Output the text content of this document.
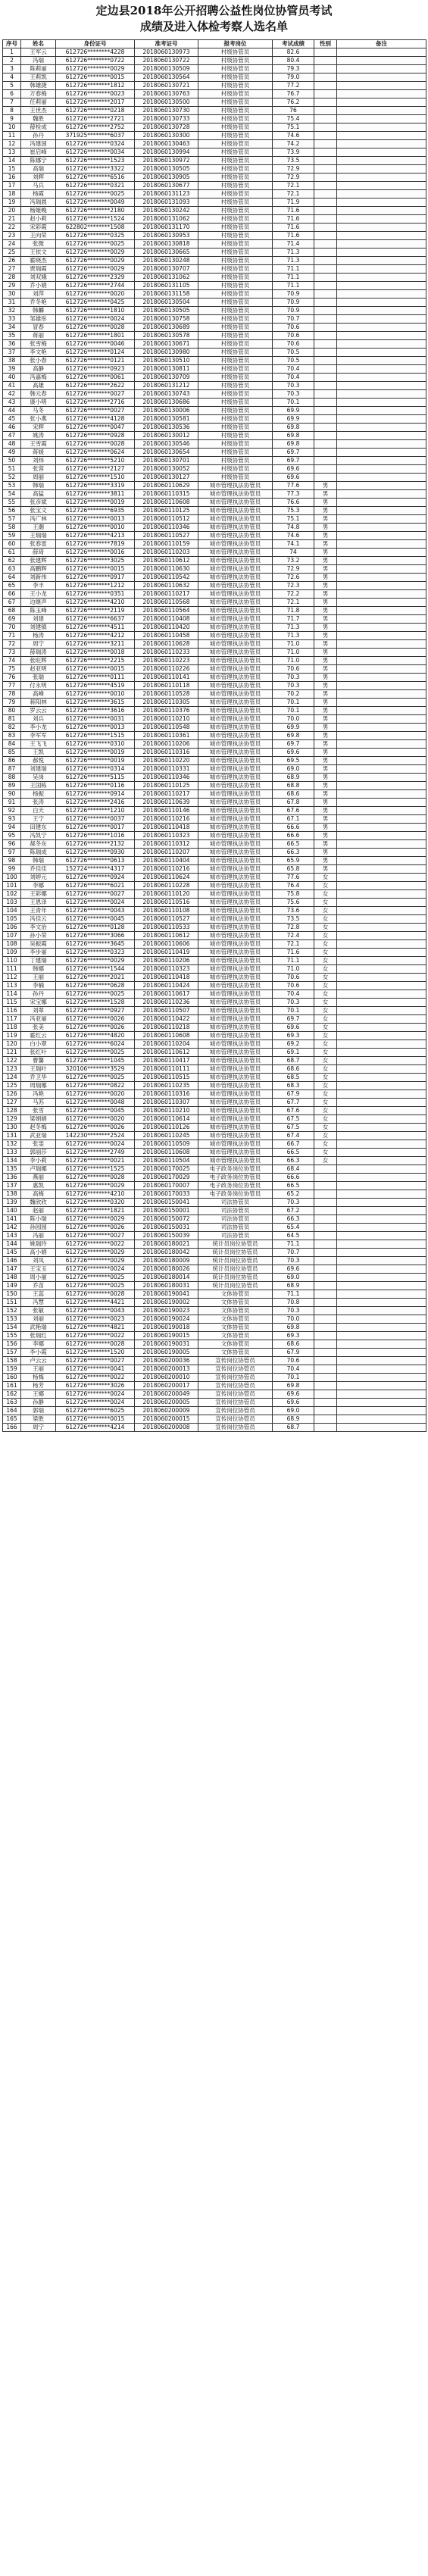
定边县2018年公开招聘公益性岗位协管员考试
成绩及进入体检考察人选名单
序号	姓名	身份证号	准考证号	报考岗位	考试成绩	性别	备注
1	王军云	612726********4228	2018060130973	村级协管员	82.6		
2	冯瑞	612726********0722	2018060130722	村级协管员	80.4		
3	陈莉丽	612726********0029	2018060130509	村级协管员	79.3		
4	王莉凯	612726********0015	2018060130564	村级协管员	79.0		
5	韩雄捷	612726********1812	2018060130721	村级协管员	77.2		
6	万春梅	612726********0023	2018060130763	村级协管员	76.7		
7	任莉丽	612726********2017	2018060130500	村级协管员	76.2		
8	王世杰	612726********0218	2018060130730	村级协管员	76		
9	魏胜	612726********2721	2018060130733	村级协管员	75.4		
10	薛检成	612726********2752	2018060130728	村级协管员	75.1		
11	孙丹	371925********6037	2018060130300	村级协管员	74.6		
12	冯建国	612726********0324	2018060130463	村级协管员	74.2		
13	崔启峰	612726********0034	2018060130994	村级协管员	73.9		
14	陈娜宁	612726********1523	2018060130972	村级协管员	73.5		
15	高瑞	612726********3322	2018060130505	村级协管员	72.9		
16	刘辉	612726********6516	2018060130905	村级协管员	72.9		
17	马兵	612726********0321	2018060130677	村级协管员	72.1		
18	杨霞	612726********0025	2018060131123	村级协管员	72.1		
19	冯瑞晨	612726********0049	2018060131093	村级协管员	71.9		
20	杨姬晚	612726********2180	2018060130242	村级协管员	71.6		
21	赵小莉	612726********1524	2018060131062	村级协管员	71.6		
22	宋彩霞	622802********1508	2018060131170	村级协管员	71.6		
23	王向荣	612726********0325	2018060130953	村级协管员	71.6		
24	张微	612726********0025	2018060130818	村级协管员	71.4		
25	王依文	612726********0029	2018060130665	村级协管员	71.3		
26	霍晓杰	612726********0029	2018060130248	村级协管员	71.3		
27	贾瑞霞	612726********0029	2018060130707	村级协管员	71.1		
28	刘双娥	612726********2329	2018060131062	村级协管员	71.1		
29	乔小娟	612726********2744	2018060131105	村级协管员	71.1		
30	刘萍	612726********0020	2018060131158	村级协管员	70.9		
31	乔冬艳	612726********0425	2018060130504	村级协管员	70.9		
32	韩麟	612726********1810	2018060130505	村级协管员	70.9		
33	邹雄彤	612726********0024	2018060130758	村级协管员	70.7		
34	冒春	612726********0028	2018060130689	村级协管员	70.6		
35	蒋丽	612726********1801	2018060130578	村级协管员	70.6		
36	张雪梅	612726********0046	2018060130671	村级协管员	70.6		
37	李文艳	612726********0124	2018060130980	村级协管员	70.5		
38	张小春	612726********0121	2018060130510	村级协管员	70.5		
39	高静	612726********0923	2018060130811	村级协管员	70.4		
40	冯嘉梅	612726********0061	2018060130709	村级协管员	70.4		
41	高雄	612726********2622	2018060131212	村级协管员	70.3		
42	韩元春	612726********0027	2018060130743	村级协管员	70.3		
43	康小明	612726********2716	2018060130686	村级协管员	70.1		
44	马冬	612726********0027	2018060130006	村级协管员	69.9		
45	张小燕	612726********4128	2018060130581	村级协管员	69.9		
46	宋辉	612726********0047	2018060130536	村级协管员	69.8		
47	姚涛	612726********0928	2018060130012	村级协管员	69.8		
48	王雪霞	612726********0028	2018060130546	村级协管员	69.8		
49	蒋媛	612726********0624	2018060130654	村级协管员	69.7		
50	刘炜	612726********5210	2018060130701	村级协管员	69.7		
51	张蓉	612726********2127	2018060130052	村级协管员	69.6		
52	周丽	612726********1510	2018060130127	村级协管员	69.6		
53	韩瑞	612726********3319	2018060110629	城市管理执法协管员	77.6	男	
54	高猛	612726********3811	2018060110315	城市管理执法协管员	77.3	男	
55	张彦斌	612726********0019	2018060110608	城市管理执法协管员	76.6	男	
56	张宝文	612726********6935	2018060110125	城市管理执法协管员	75.3	男	
57	冯广林	612726********0013	2018060110512	城市管理执法协管员	75.1	男	
58	王潮	612726********0010	2018060110346	城市管理执法协管员	74.8	男	
59	王瑞瑞	612726********4213	2018060110527	城市管理执法协管员	74.6	男	
60	张春雷	612726********7819	2018060110159	城市管理执法协管员	74.1	男	
61	薛琦	612726********0016	2018060110203	城市管理执法协管员	74	男	
62	张建辉	612726********3025	2018060110612	城市管理执法协管员	73.2	男	
63	高鹏辉	612726********0015	2018060110630	城市管理执法协管员	72.9	男	
64	刘新伟	612726********0917	2018060110542	城市管理执法协管员	72.6	男	
65	李丰	612726********1212	2018060110632	城市管理执法协管员	72.3	男	
66	王小龙	612726********0351	2018060110217	城市管理执法协管员	72.2	男	
67	边继声	612726********4210	2018060110568	城市管理执法协管员	72.1	男	
68	陈玉峰	612726********2119	2018060110564	城市管理执法协管员	71.8	男	
69	刘建	612726********6637	2018060110408	城市管理执法协管员	71.7	男	
70	刘建镇	612726********4511	2018060110420	城市管理执法协管员	71.3	男	
71	杨涛	612726********4212	2018060110458	城市管理执法协管员	71.3	男	
72	周宁	612726********3211	2018060110628	城市管理执法协管员	71.0	男	
73	薛瑞涛	612726********0018	2018060110233	城市管理执法协管员	71.0	男	
74	张旺辉	612726********2215	2018060110223	城市管理执法协管员	71.0	男	
75	赵亚明	612726********0015	2018060110226	城市管理执法协管员	70.6	男	
76	张瑞	612726********0111	2018060110141	城市管理执法协管员	70.3	男	
77	付永明	612726********4519	2018060110118	城市管理执法协管员	70.3	男	
78	高峰	612726********0010	2018060110528	城市管理执法协管员	70.2	男	
79	蒋阳林	612726********3615	2018060110305	城市管理执法协管员	70.1	男	
80	罗云云	612726********3616	2018060110376	城市管理执法协管员	70.1	男	
81	刘兵	612726********0031	2018060110210	城市管理执法协管员	70.0	男	
82	李小龙	612726********0013	2018060110548	城市管理执法协管员	69.9	男	
83	李军军	612726********1515	2018060110361	城市管理执法协管员	69.8	男	
84	王飞飞	612726********0310	2018060110206	城市管理执法协管员	69.7	男	
85	王凯	612726********0019	2018060110316	城市管理执法协管员	69.6	男	
86	郝悦	612726********0019	2018060110220	城市管理执法协管员	69.5	男	
87	刘建瑞	612726********0314	2018060110331	城市管理执法协管员	69.0	男	
88	吴岗	612726********5115	2018060110346	城市管理执法协管员	68.9	男	
89	王国栋	612726********0116	2018060110125	城市管理执法协管员	68.8	男	
90	杨振	612726********0914	2018060110217	城市管理执法协管员	68.6	男	
91	张涛	612726********2416	2018060110639	城市管理执法协管员	67.8	男	
92	白天	612726********1210	2018060110146	城市管理执法协管员	67.6	男	
93	王宁	612726********0037	2018060110216	城市管理执法协管员	67.1	男	
94	田建东	612726********0017	2018060110418	城市管理执法协管员	66.6	男	
95	冯凯宁	612726********1016	2018060110323	城市管理执法协管员	66.6	男	
96	郝冬东	612726********2132	2018060110312	城市管理执法协管员	66.5	男	
97	陈瑞成	612726********0930	2018060110207	城市管理执法协管员	66.3	男	
98	韩瑞	612726********0613	2018060110404	城市管理执法协管员	65.9	男	
99	乔佳佳	152724********4317	2018060110216	城市管理执法协管员	65.8	男	
100	刘婷元	612726********0924	2018060110624	城市管理执法协管员	77.6	女	
101	李娜	612726********6021	2018060110228	城市管理执法协管员	76.4	女	
102	王彩娜	612726********0027	2018060110120	城市管理执法协管员	75.8	女	
103	王恩泽	612726********0024	2018060110516	城市管理执法协管员	75.6	女	
104	王青年	612726********0043	2018060110108	城市管理执法协管员	73.6	女	
105	冯佳云	612726********0045	2018060110527	城市管理执法协管员	73.5	女	
106	李文治	612726********0128	2018060110533	城市管理执法协管员	72.8	女	
107	孙小荣	612726********3066	2018060110612	城市管理执法协管员	72.4	女	
108	吴振霞	612726********3645	2018060110606	城市管理执法协管员	72.1	女	
109	李步丽	612726********0323	2018060110419	城市管理执法协管员	71.6	女	
110	丁建瑞	612726********0029	2018060110206	城市管理执法协管员	71.1	女	
111	韩娜	612726********1544	2018060110323	城市管理执法协管员	71.0	女	
112	王丽	612726********2021	2018060110418	城市管理执法协管员	70.6	女	
113	李楠	612726********0628	2018060110424	城市管理执法协管员	70.6	女	
114	孙丹	612726********0025	2018060110617	城市管理执法协管员	70.4	女	
115	宋宝娜	612726********1528	2018060110236	城市管理执法协管员	70.3	女	
116	刘翠	612726********0927	2018060110507	城市管理执法协管员	70.1	女	
117	冯亚丽	612726********0026	2018060110422	城市管理执法协管员	69.7	女	
118	张美	612726********0026	2018060110218	城市管理执法协管员	69.6	女	
119	霍红云	612726********4820	2018060110608	城市管理执法协管员	69.3	女	
120	白小翠	612726********6024	2018060110204	城市管理执法协管员	69.2	女	
121	张红叶	612726********0025	2018060110612	城市管理执法协管员	69.1	女	
122	曹馨	612726********1045	2018060110417	城市管理执法协管员	68.7	女	
123	王瑞叶	320106********3529	2018060110111	城市管理执法协管员	68.6	女	
124	乔卫华	612726********0025	2018060110515	城市管理执法协管员	68.5	女	
125	周瑞娜	612726********0822	2018060110235	城市管理执法协管员	68.3	女	
126	冯艳	612726********0020	2018060110316	城市管理执法协管员	67.9	女	
127	马苏	612726********0048	2018060110307	城市管理执法协管员	67.7	女	
128	张雪	612726********0045	2018060110210	城市管理执法协管员	67.6	女	
129	梁娟娟	612726********0020	2018060110614	城市管理执法协管员	67.5	女	
130	赵冬梅	612726********0026	2018060110126	城市管理执法协管员	67.5	女	
131	武亚瑞	142230********2524	2018060110245	城市管理执法协管员	67.4	女	
132	张雯	612726********0024	2018060110509	城市管理执法协管员	66.7	女	
133	郭丽莎	612726********2749	2018060110608	城市管理执法协管员	66.5	女	
134	李小莉	612726********0021	2018060110504	城市管理执法协管员	66.3	女	
135	卢瑞娜	612726********1525	2018060170025	电子政务岗位协管员	68.4		
136	燕丽	612726********0028	2018060170029	电子政务岗位协管员	66.6		
137	惠凯	612726********0029	2018060170007	电子政务岗位协管员	66.5		
138	高梅	612726********4210	2018060170033	电子政务岗位协管员	65.2		
139	魏欣欣	612726********0320	2018060150041	司法协管员	70.3		
140	赵丽	612726********1821	2018060150001	司法协管员	67.2		
141	陈小瑞	612726********0029	2018060150072	司法协管员	66.3		
142	孙园园	612726********0026	2018060150031	司法协管员	65.4		
143	冯丽	612726********0027	2018060150039	司法协管员	64.5		
144	姚瑞玲	612726********0022	2018060180021	统计员岗位协管员	71.1		
145	高小娟	612726********0029	2018060180042	统计员岗位协管员	70.7		
146	刘凤	612726********0029	2018060180009	统计员岗位协管员	70.3		
147	王宝玉	612726********0024	2018060180026	统计员岗位协管员	69.6		
148	周小丽	612726********0025	2018060180014	统计员岗位协管员	69.0		
149	乔苗	612726********0025	2018060180031	统计员岗位协管员	68.9		
150	王蕊	612726********0028	2018060190041	文体协管员	71.1		
151	冯慧	612726********4421	2018060190002	文体协管员	70.8		
152	张敏	612726********0043	2018060190023	文体协管员	70.3		
153	刘丽	612726********0023	2018060190024	文体协管员	70.0		
154	武艳瑞	612726********4821	2018060190018	文体协管员	69.8		
155	张瑞红	612726********0022	2018060190015	文体协管员	69.3		
156	李娜	612726********0028	2018060190031	文体协管员	68.6		
157	李小霞	612726********1520	2018060190005	文体协管员	67.9		
158	卢云云	612726********0027	2018060200036	宣传岗位协管员	70.6		
159	王丽	612726********0041	2018060200013	宣传岗位协管员	70.4		
160	杨梅	612726********0022	2018060200010	宣传岗位协管员	70.1		
161	杨芳	612726********3026	2018060200017	宣传岗位协管员	69.8		
162	王娜	612726********0024	2018060200049	宣传岗位协管员	69.6		
163	孙静	612726********0024	2018060200005	宣传岗位协管员	69.6		
164	郭瑞	612726********6025	2018060200009	宣传岗位协管员	69.0		
165	梁胜	612726********0015	2018060200015	宣传岗位协管员	68.9		
166	周宁	612726********4214	2018060200008	宣传岗位协管员	68.7		
